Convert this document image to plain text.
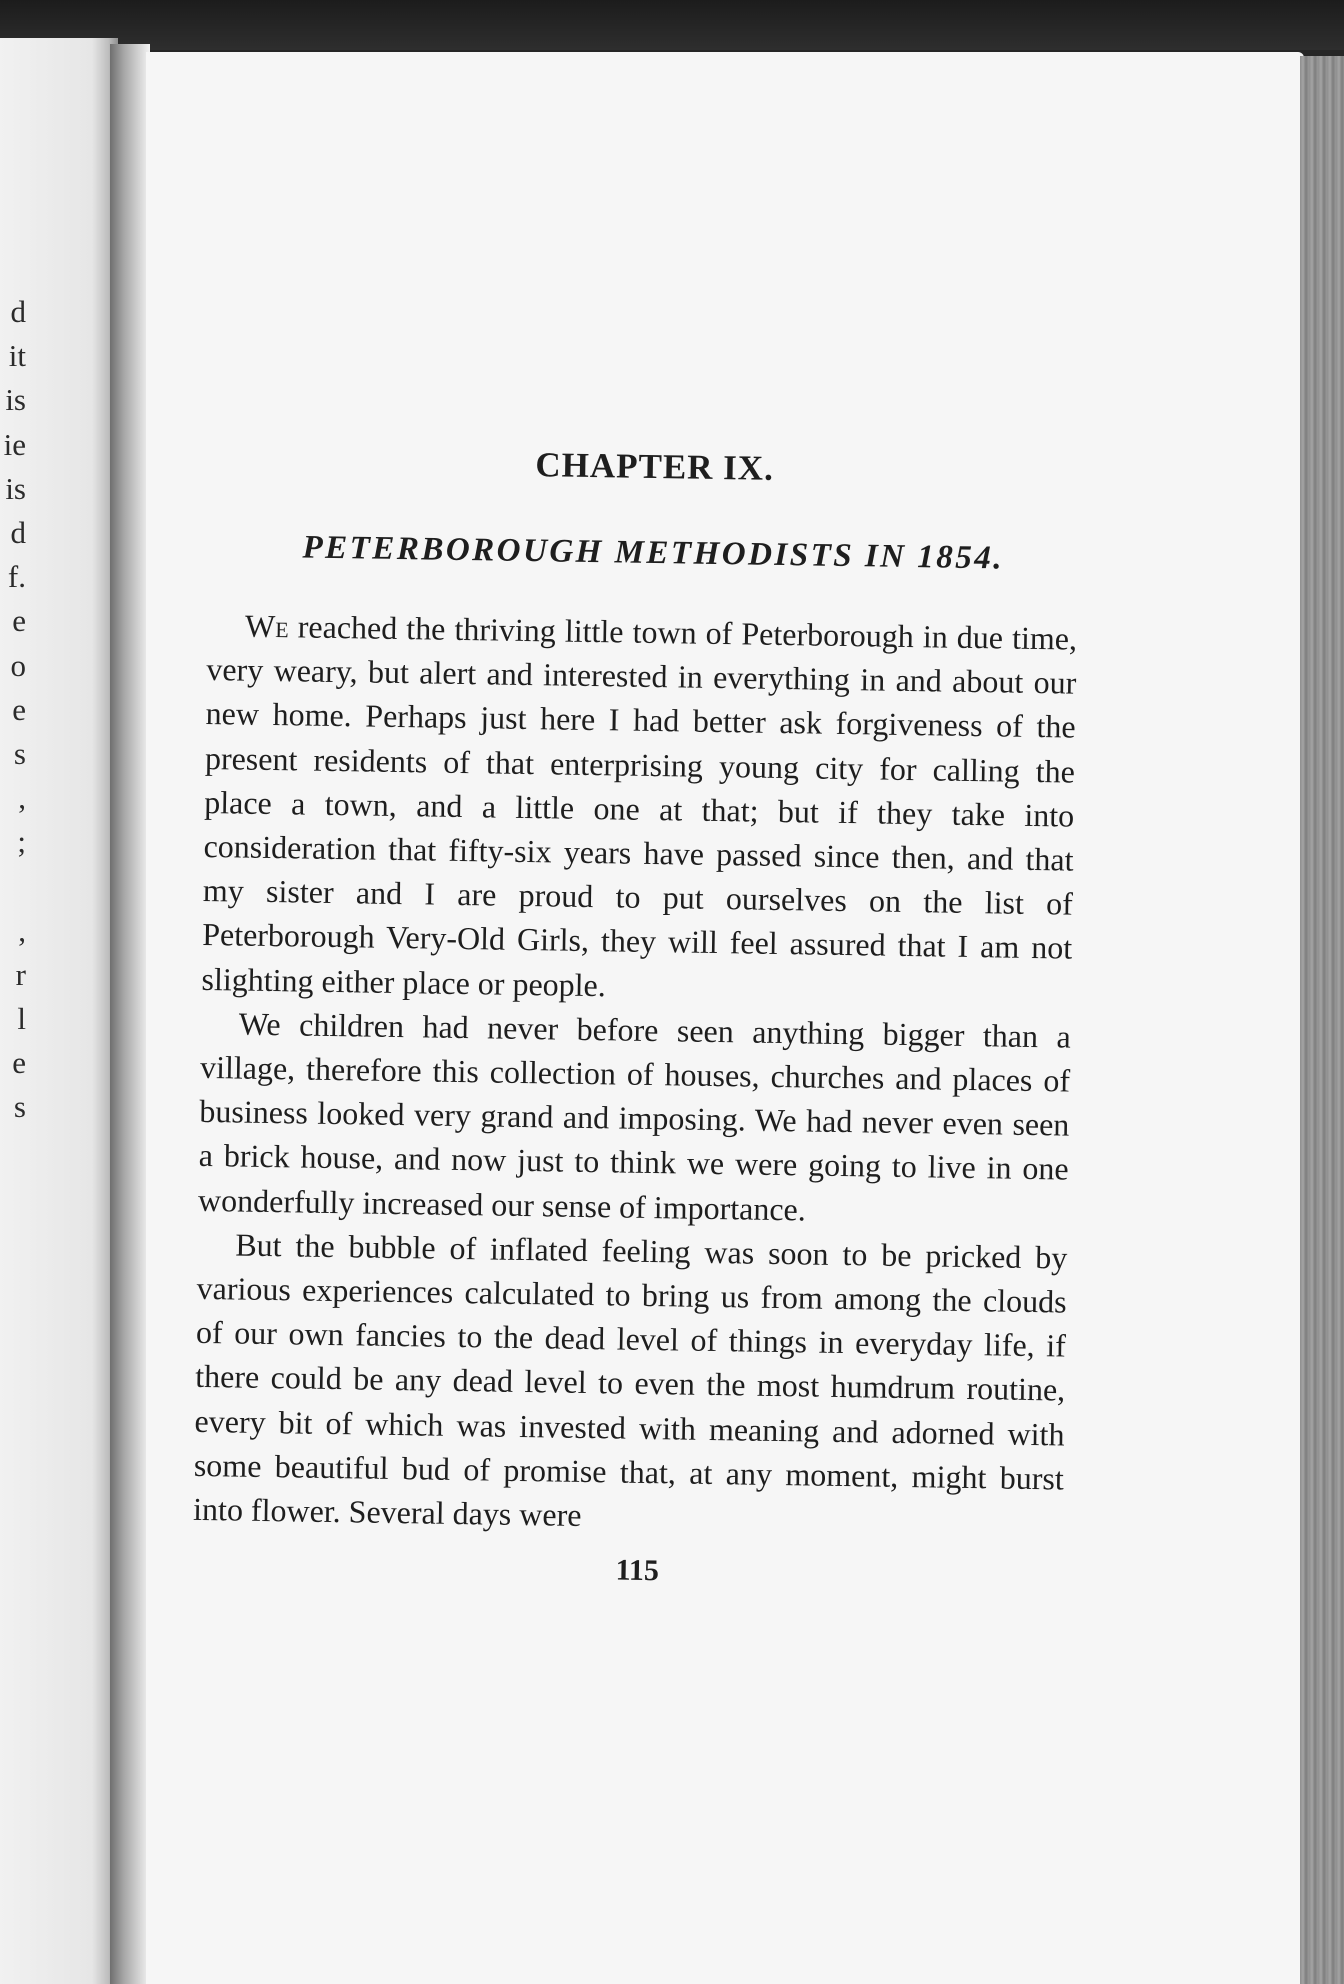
d
it
is
ie
is
d
f.
e
o
e
s
,
;
,
r
l
e
s
CHAPTER IX.
PETERBOROUGH METHODISTS IN 1854.

We reached the thriving little town of Peterborough in due time, very weary, but alert and interested in everything in and about our new home. Perhaps just here I had better ask forgiveness of the present residents of that enterprising young city for calling the place a town, and a little one at that; but if they take into consideration that fifty-six years have passed since then, and that my sister and I are proud to put ourselves on the list of Peterborough Very-Old Girls, they will feel assured that I am not slighting either place or people.

We children had never before seen anything bigger than a village, therefore this collection of houses, churches and places of business looked very grand and imposing. We had never even seen a brick house, and now just to think we were going to live in one wonderfully increased our sense of importance.

But the bubble of inflated feeling was soon to be pricked by various experiences calculated to bring us from among the clouds of our own fancies to the dead level of things in everyday life, if there could be any dead level to even the most humdrum routine, every bit of which was invested with meaning and adorned with some beautiful bud of promise that, at any moment, might burst into flower. Several days were

115
